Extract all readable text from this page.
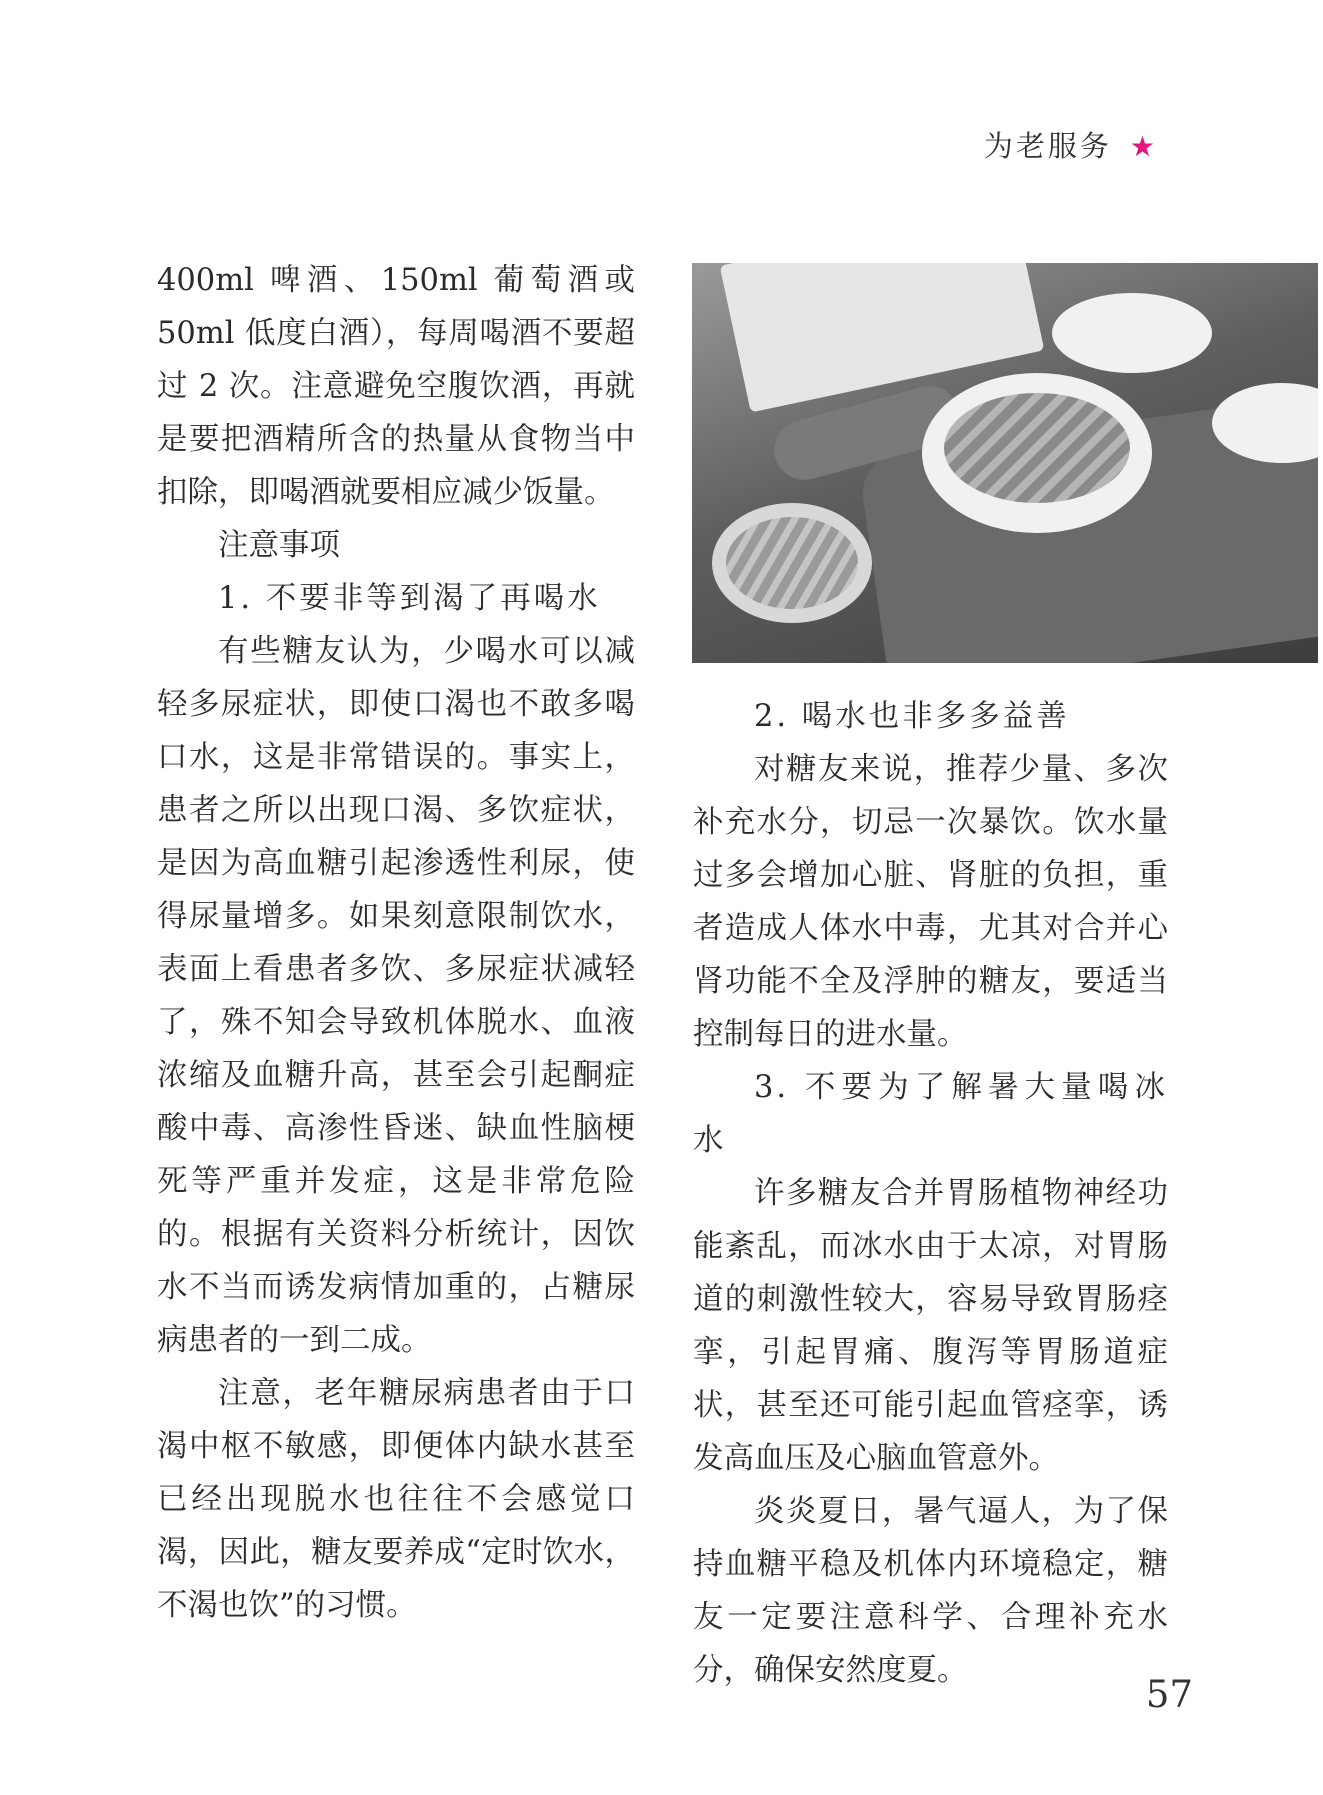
为老服务 ★

400ml 啤酒、150ml 葡萄酒或 50ml 低度白酒），每周喝酒不要超过 2 次。注意避免空腹饮酒，再就是要把酒精所含的热量从食物当中扣除，即喝酒就要相应减少饭量。

注意事项

1. 不要非等到渴了再喝水

有些糖友认为，少喝水可以减轻多尿症状，即使口渴也不敢多喝口水，这是非常错误的。事实上，患者之所以出现口渴、多饮症状，是因为高血糖引起渗透性利尿，使得尿量增多。如果刻意限制饮水，表面上看患者多饮、多尿症状减轻了，殊不知会导致机体脱水、血液浓缩及血糖升高，甚至会引起酮症酸中毒、高渗性昏迷、缺血性脑梗死等严重并发症，这是非常危险的。根据有关资料分析统计，因饮水不当而诱发病情加重的，占糖尿病患者的一到二成。

注意，老年糖尿病患者由于口渴中枢不敏感，即便体内缺水甚至已经出现脱水也往往不会感觉口渴，因此，糖友要养成“定时饮水，不渴也饮”的习惯。

2. 喝水也非多多益善

对糖友来说，推荐少量、多次补充水分，切忌一次暴饮。饮水量过多会增加心脏、肾脏的负担，重者造成人体水中毒，尤其对合并心肾功能不全及浮肿的糖友，要适当控制每日的进水量。

3. 不要为了解暑大量喝冰水

许多糖友合并胃肠植物神经功能紊乱，而冰水由于太凉，对胃肠道的刺激性较大，容易导致胃肠痉挛，引起胃痛、腹泻等胃肠道症状，甚至还可能引起血管痉挛，诱发高血压及心脑血管意外。

炎炎夏日，暑气逼人，为了保持血糖平稳及机体内环境稳定，糖友一定要注意科学、合理补充水分，确保安然度夏。

57
